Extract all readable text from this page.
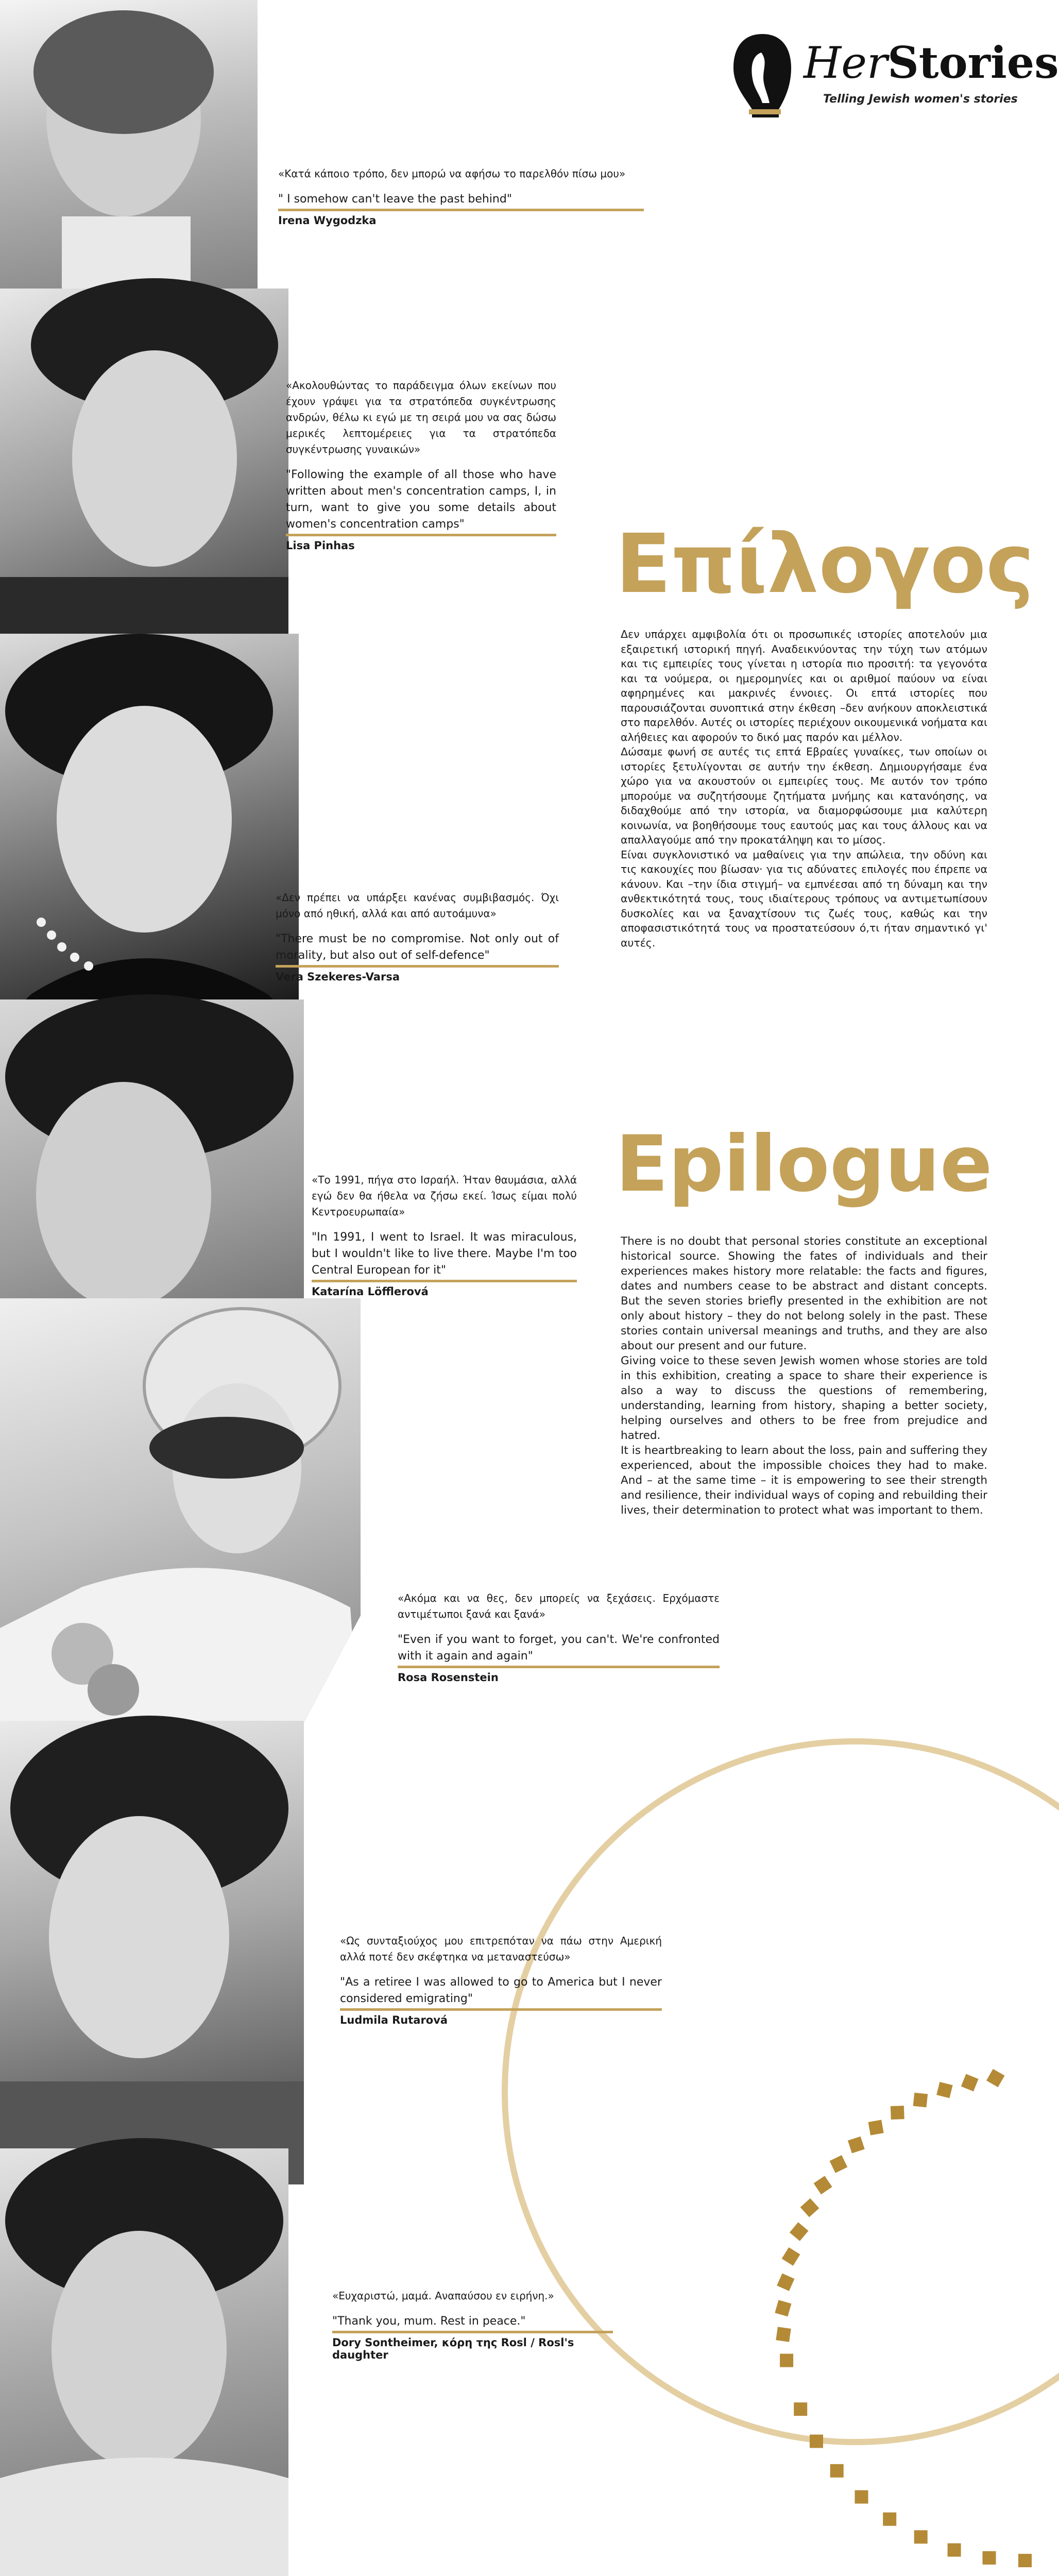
HerStories
Telling Jewish women's stories

«Κατά κάποιο τρόπο, δεν μπορώ να αφήσω το παρελθόν πίσω μου»

" I somehow can't leave the past behind"

Irena Wygodzka

«Ακολουθώντας το παράδειγμα όλων εκείνων που έχουν γράψει για τα στρατόπεδα συγκέντρωσης ανδρών, θέλω κι εγώ με τη σειρά μου να σας δώσω μερικές λεπτομέρειες για τα στρατόπεδα συγκέντρωσης γυναικών»

"Following the example of all those who have written about men's concentration camps, I, in turn, want to give you some details about women's concentration camps"

Lisa Pinhas

«Δεν πρέπει να υπάρξει κανένας συμβιβασμός. Όχι μόνο από ηθική, αλλά και από αυτοάμυνα»

"There must be no compromise. Not only out of morality, but also out of self-defence"

Vera Szekeres-Varsa

«Το 1991, πήγα στο Ισραήλ. Ήταν θαυμάσια, αλλά εγώ δεν θα ήθελα να ζήσω εκεί. Ίσως είμαι πολύ Κεντροευρωπαία»

"In 1991, I went to Israel. It was miraculous, but I wouldn't like to live there. Maybe I'm too Central European for it"

Katarína Löfflerová

«Ακόμα και να θες, δεν μπορείς να ξεχάσεις. Ερχόμαστε αντιμέτωποι ξανά και ξανά»

"Even if you want to forget, you can't. We're confronted with it again and again"

Rosa Rosenstein

«Ως συνταξιούχος μου επιτρεπόταν να πάω στην Αμερική αλλά ποτέ δεν σκέφτηκα να μεταναστεύσω»

"As a retiree I was allowed to go to America but I never considered emigrating"

Ludmila Rutarová

«Ευχαριστώ, μαμά. Αναπαύσου εν ειρήνη.»

"Thank you, mum. Rest in peace."

Dory Sontheimer, κόρη της Rosl / Rosl's daughter

Επίλογος

Δεν υπάρχει αμφιβολία ότι οι προσωπικές ιστορίες αποτελούν μια εξαιρετική ιστορική πηγή. Αναδεικνύοντας την τύχη των ατόμων και τις εμπειρίες τους γίνεται η ιστορία πιο προσιτή: τα γεγονότα και τα νούμερα, οι ημερομηνίες και οι αριθμοί παύουν να είναι αφηρημένες και μακρινές έννοιες. Οι επτά ιστορίες που παρουσιάζονται συνοπτικά στην έκθεση –δεν ανήκουν αποκλειστικά στο παρελθόν. Αυτές οι ιστορίες περιέχουν οικουμενικά νοήματα και αλήθειες και αφορούν το δικό μας παρόν και μέλλον.

Δώσαμε φωνή σε αυτές τις επτά Εβραίες γυναίκες, των οποίων οι ιστορίες ξετυλίγονται σε αυτήν την έκθεση. Δημιουργήσαμε ένα χώρο για να ακουστούν οι εμπειρίες τους. Με αυτόν τον τρόπο μπορούμε να συζητήσουμε ζητήματα μνήμης και κατανόησης, να διδαχθούμε από την ιστορία, να διαμορφώσουμε μια καλύτερη κοινωνία, να βοηθήσουμε τους εαυτούς μας και τους άλλους και να απαλλαγούμε από την προκατάληψη και το μίσος.

Είναι συγκλονιστικό να μαθαίνεις για την απώλεια, την οδύνη και τις κακουχίες που βίωσαν· για τις αδύνατες επιλογές που έπρεπε να κάνουν. Και –την ίδια στιγμή– να εμπνέεσαι από τη δύναμη και την ανθεκτικότητά τους, τους ιδιαίτερους τρόπους να αντιμετωπίσουν δυσκολίες και να ξαναχτίσουν τις ζωές τους, καθώς και την αποφασιστικότητά τους να προστατεύσουν ό,τι ήταν σημαντικό γι' αυτές.

Epilogue

There is no doubt that personal stories constitute an exceptional historical source. Showing the fates of individuals and their experiences makes history more relatable: the facts and figures, dates and numbers cease to be abstract and distant concepts. But the seven stories briefly presented in the exhibition are not only about history – they do not belong solely in the past. These stories contain universal meanings and truths, and they are also about our present and our future.

Giving voice to these seven Jewish women whose stories are told in this exhibition, creating a space to share their experience is also a way to discuss the questions of remembering, understanding, learning from history, shaping a better society, helping ourselves and others to be free from prejudice and hatred.

It is heartbreaking to learn about the loss, pain and suffering they experienced, about the impossible choices they had to make. And – at the same time – it is empowering to see their strength and resilience, their individual ways of coping and rebuilding their lives, their determination to protect what was important to them.
